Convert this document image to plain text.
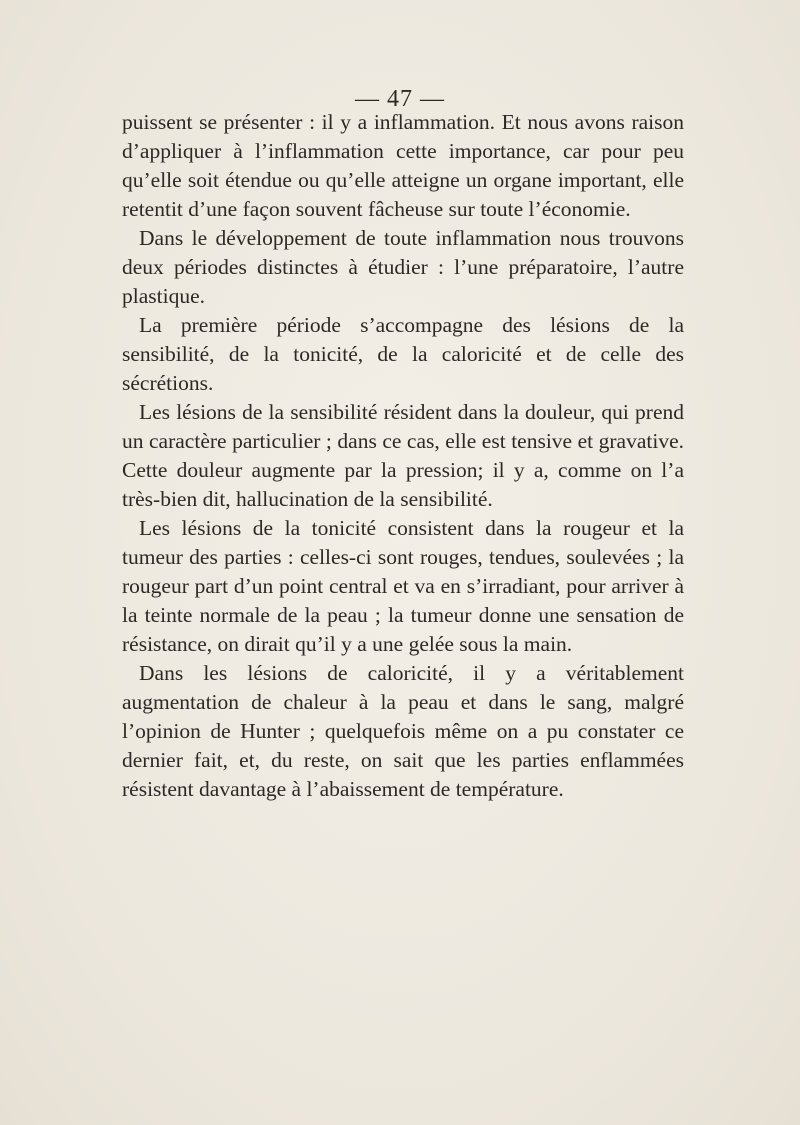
— 47 —

puissent se présenter : il y a inflammation. Et nous avons raison d’appliquer à l’inflammation cette importance, car pour peu qu’elle soit étendue ou qu’elle atteigne un organe important, elle retentit d’une façon souvent fâcheuse sur toute l’économie.

Dans le développement de toute inflammation nous trouvons deux périodes distinctes à étudier : l’une préparatoire, l’autre plastique.

La première période s’accompagne des lésions de la sensibilité, de la tonicité, de la caloricité et de celle des sécrétions.

Les lésions de la sensibilité résident dans la douleur, qui prend un caractère particulier ; dans ce cas, elle est tensive et gravative. Cette douleur augmente par la pression; il y a, comme on l’a très-bien dit, hallucination de la sensibilité.

Les lésions de la tonicité consistent dans la rougeur et la tumeur des parties : celles-ci sont rouges, tendues, soulevées ; la rougeur part d’un point central et va en s’irradiant, pour arriver à la teinte normale de la peau ; la tumeur donne une sensation de résistance, on dirait qu’il y a une gelée sous la main.

Dans les lésions de caloricité, il y a véritablement augmentation de chaleur à la peau et dans le sang, malgré l’opinion de Hunter ; quelquefois même on a pu constater ce dernier fait, et, du reste, on sait que les parties enflammées résistent davantage à l’abaissement de température.
